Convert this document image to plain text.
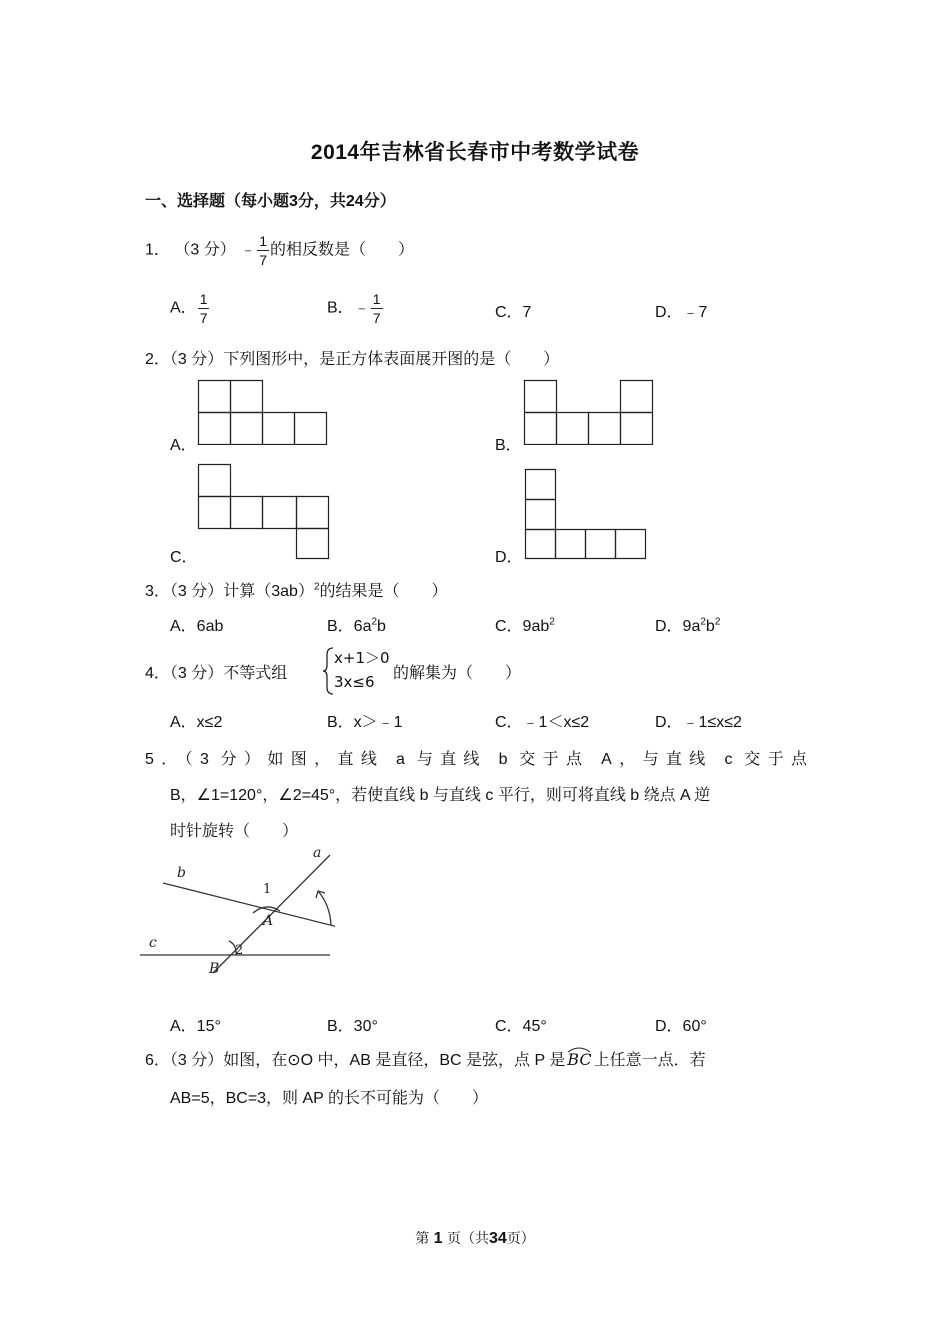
2014年吉林省长春市中考数学试卷
一、选择题（每小题3分，共24分）
1． （3 分） ﹣ $\frac{1}{7}$ 的相反数是（　　）
A． $\frac{1}{7}$	B．﹣ $\frac{1}{7}$	C．7	D．﹣7
2．（3 分）下列图形中，是正方体表面展开图的是（　　）
A．	B．
C．	D．
3．（3 分）计算$(3ab)^2$的结果是（　　）
A．6ab	B．$6a^2b$	C．$9ab^2$	D．$9a^2b^2$
4．（3 分）不等式组
x+1＞0
3x≤6	的解集为（　　）
A．x≤2	B．x＞﹣1	C．﹣1＜x≤2	D．﹣1≤x≤2
5．（3 分）如图，直线 a 与直线 b 交于点 A，与直线 c 交于点
B，∠1=120°，∠2=45°，若使直线 b 与直线 c 平行，则可将直线 b 绕点 A 逆
时针旋转（　　）
a
b
c
A
B
1
2
A．15°	B．30°	C．45°	D．60°
6．（3 分）如图，在⊙O 中，AB 是直径，BC 是弦，点 P 是 BC 上任意一点．若
AB=5，BC=3，则 AP 的长不可能为（　　）
第 1 页（共34页）
